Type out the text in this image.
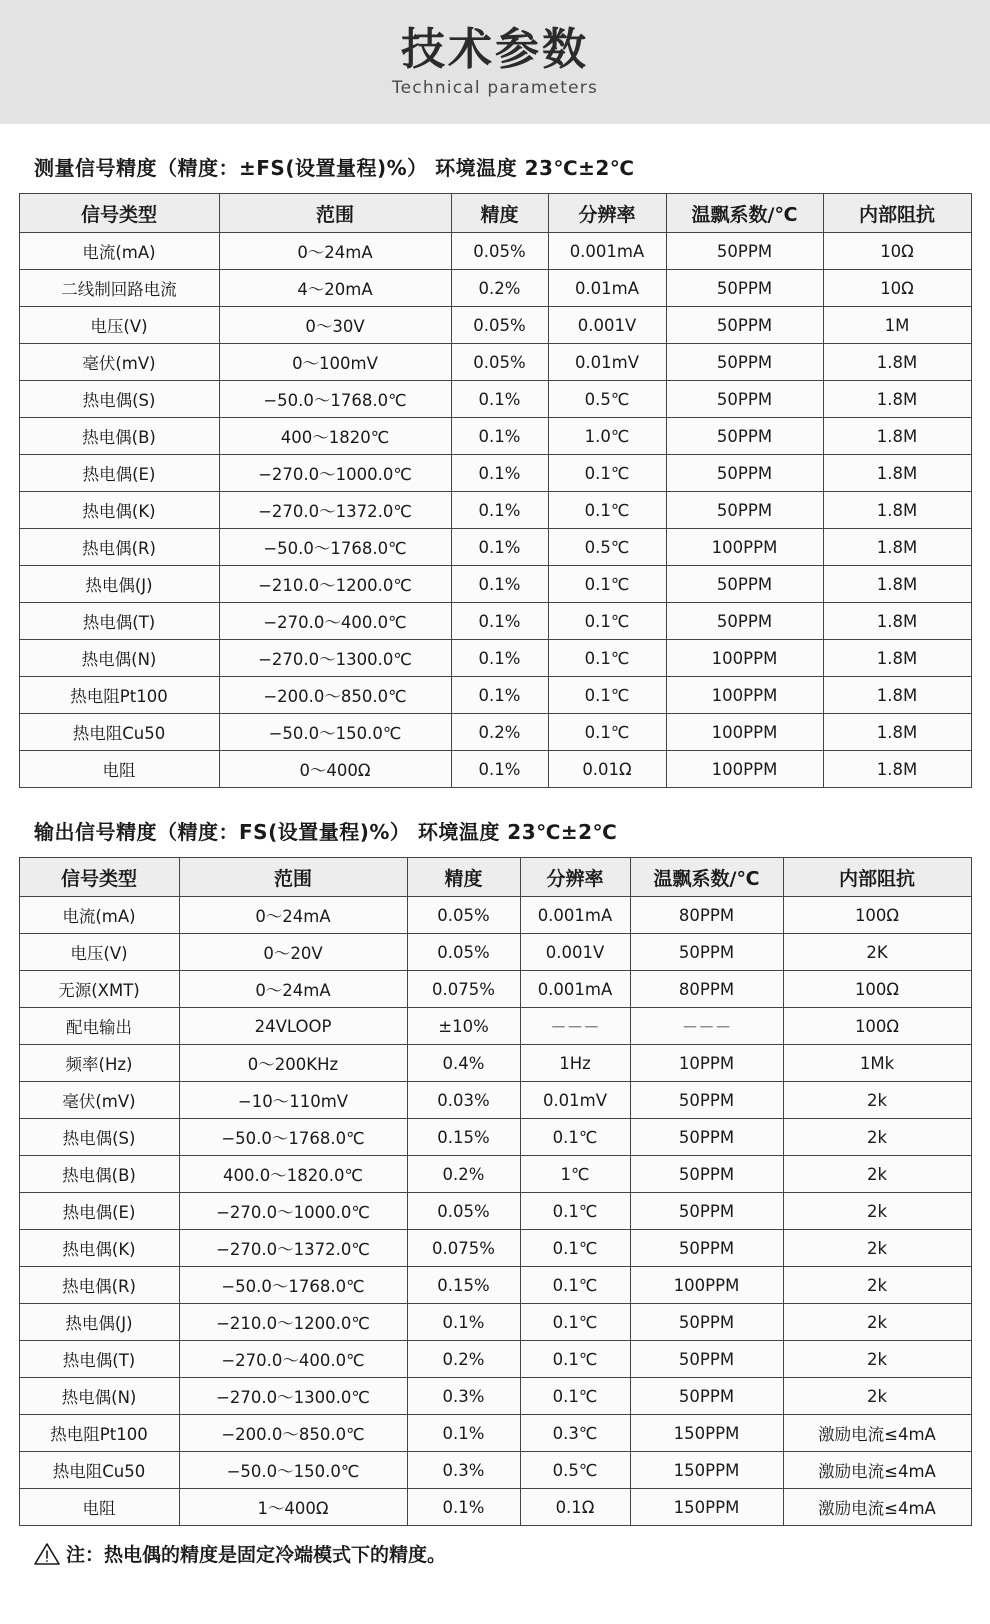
技术参数
Technical parameters
测量信号精度（精度：±FS(设置量程)%） 环境温度 23℃±2℃
信号类型	范围	精度	分辨率	温飘系数/℃	内部阻抗
电流(mA)	0～24mA	0.05%	0.001mA	50PPM	10Ω
二线制回路电流	4～20mA	0.2%	0.01mA	50PPM	10Ω
电压(V)	0～30V	0.05%	0.001V	50PPM	1M
毫伏(mV)	0～100mV	0.05%	0.01mV	50PPM	1.8M
热电偶(S)	−50.0～1768.0℃	0.1%	0.5℃	50PPM	1.8M
热电偶(B)	400～1820℃	0.1%	1.0℃	50PPM	1.8M
热电偶(E)	−270.0～1000.0℃	0.1%	0.1℃	50PPM	1.8M
热电偶(K)	−270.0～1372.0℃	0.1%	0.1℃	50PPM	1.8M
热电偶(R)	−50.0～1768.0℃	0.1%	0.5℃	100PPM	1.8M
热电偶(J)	−210.0～1200.0℃	0.1%	0.1℃	50PPM	1.8M
热电偶(T)	−270.0～400.0℃	0.1%	0.1℃	50PPM	1.8M
热电偶(N)	−270.0～1300.0℃	0.1%	0.1℃	100PPM	1.8M
热电阻Pt100	−200.0～850.0℃	0.1%	0.1℃	100PPM	1.8M
热电阻Cu50	−50.0～150.0℃	0.2%	0.1℃	100PPM	1.8M
电阻	0～400Ω	0.1%	0.01Ω	100PPM	1.8M
输出信号精度（精度：FS(设置量程)%） 环境温度 23℃±2℃
信号类型	范围	精度	分辨率	温飘系数/℃	内部阻抗
电流(mA)	0～24mA	0.05%	0.001mA	80PPM	100Ω
电压(V)	0～20V	0.05%	0.001V	50PPM	2K
无源(XMT)	0～24mA	0.075%	0.001mA	80PPM	100Ω
配电输出	24VLOOP	±10%	－－－	－－－	100Ω
频率(Hz)	0～200KHz	0.4%	1Hz	10PPM	1Mk
毫伏(mV)	−10～110mV	0.03%	0.01mV	50PPM	2k
热电偶(S)	−50.0～1768.0℃	0.15%	0.1℃	50PPM	2k
热电偶(B)	400.0～1820.0℃	0.2%	1℃	50PPM	2k
热电偶(E)	−270.0～1000.0℃	0.05%	0.1℃	50PPM	2k
热电偶(K)	−270.0～1372.0℃	0.075%	0.1℃	50PPM	2k
热电偶(R)	−50.0～1768.0℃	0.15%	0.1℃	100PPM	2k
热电偶(J)	−210.0～1200.0℃	0.1%	0.1℃	50PPM	2k
热电偶(T)	−270.0～400.0℃	0.2%	0.1℃	50PPM	2k
热电偶(N)	−270.0～1300.0℃	0.3%	0.1℃	50PPM	2k
热电阻Pt100	−200.0～850.0℃	0.1%	0.3℃	150PPM	激励电流≤4mA
热电阻Cu50	−50.0～150.0℃	0.3%	0.5℃	150PPM	激励电流≤4mA
电阻	1～400Ω	0.1%	0.1Ω	150PPM	激励电流≤4mA
注：热电偶的精度是固定冷端模式下的精度。
